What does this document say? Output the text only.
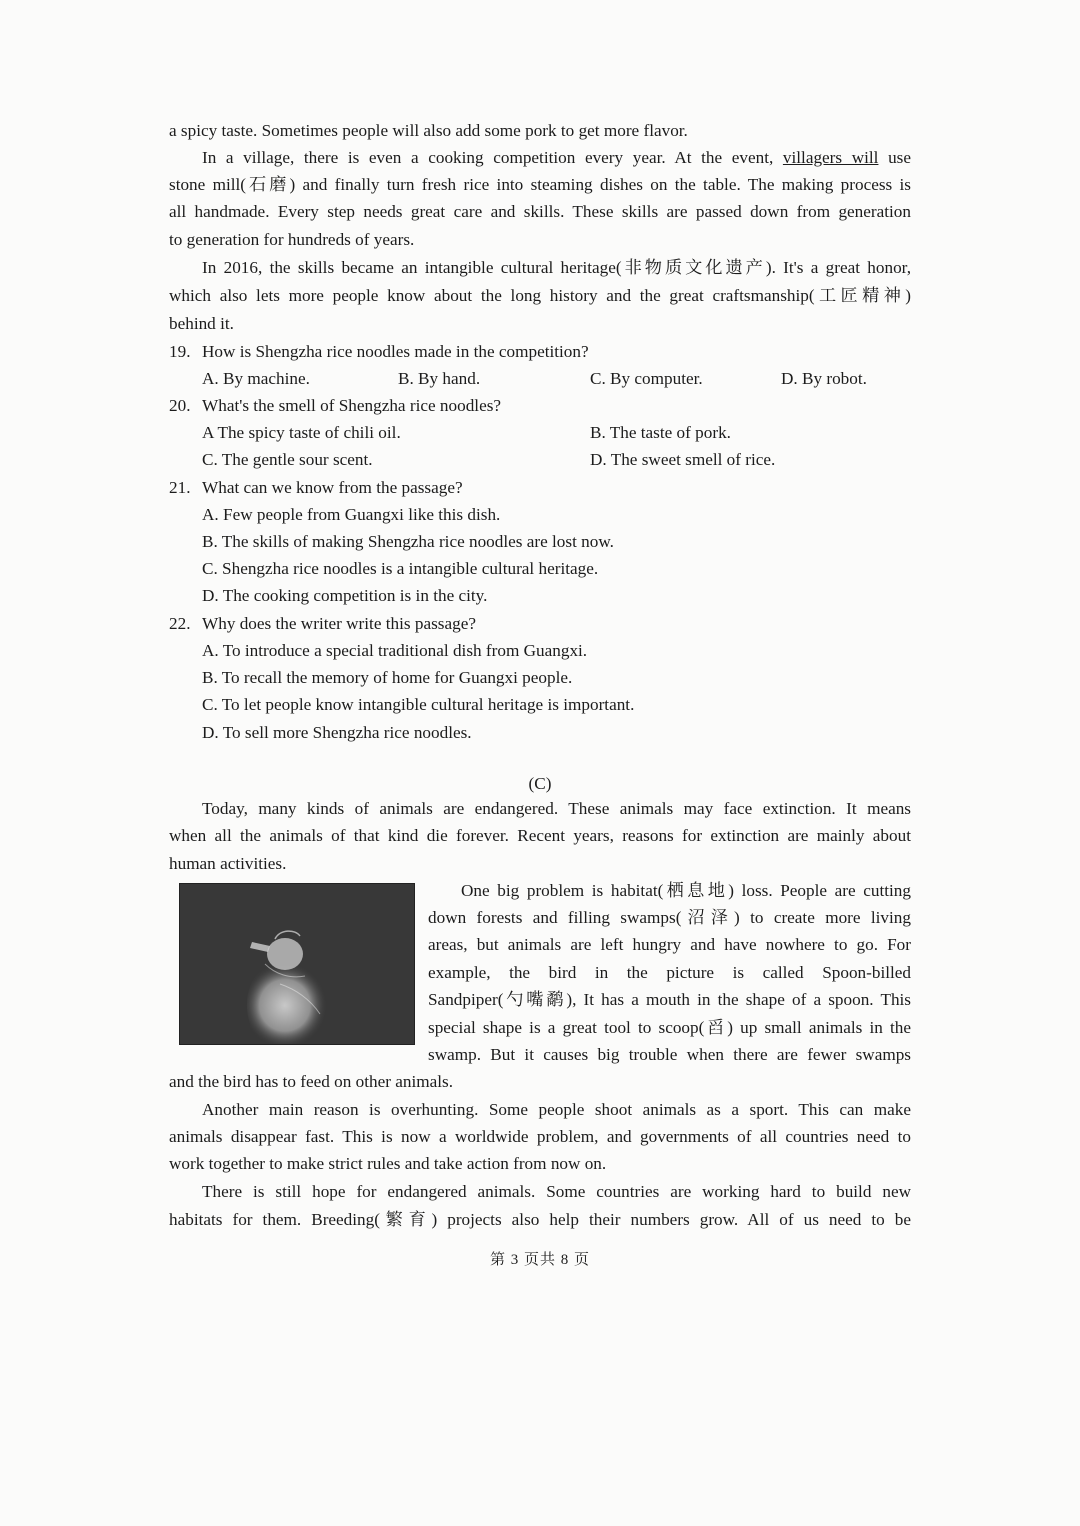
a spicy taste. Sometimes people will also add some pork to get more flavor.
In a village, there is even a cooking competition every year. At the event, villagers will use
stone mill(石磨) and finally turn fresh rice into steaming dishes on the table. The making process is
all handmade. Every step needs great care and skills. These skills are passed down from generation
to generation for hundreds of years.
In 2016, the skills became an intangible cultural heritage(非物质文化遗产). It's a great honor,
which also lets more people know about the long history and the great craftsmanship(工匠精神)
behind it.
19. How is Shengzha rice noodles made in the competition?
A. By machine.	B. By hand.	C. By computer.	D. By robot.
20. What's the smell of Shengzha rice noodles?
A The spicy taste of chili oil.	B. The taste of pork.
C. The gentle sour scent.	D. The sweet smell of rice.
21. What can we know from the passage?
A. Few people from Guangxi like this dish.
B. The skills of making Shengzha rice noodles are lost now.
C. Shengzha rice noodles is a intangible cultural heritage.
D. The cooking competition is in the city.
22. Why does the writer write this passage?
A. To introduce a special traditional dish from Guangxi.
B. To recall the memory of home for Guangxi people.
C. To let people know intangible cultural heritage is important.
D. To sell more Shengzha rice noodles.
(C)
Today, many kinds of animals are endangered. These animals may face extinction. It means
when all the animals of that kind die forever. Recent years, reasons for extinction are mainly about
human activities.
One big problem is habitat(栖息地) loss. People are cutting
down forests and filling swamps(沼泽) to create more living
areas, but animals are left hungry and have nowhere to go. For
example, the bird in the picture is called Spoon-billed
Sandpiper(勺嘴鹬), It has a mouth in the shape of a spoon. This
special shape is a great tool to scoop(舀) up small animals in the
swamp. But it causes big trouble when there are fewer swamps
and the bird has to feed on other animals.
Another main reason is overhunting. Some people shoot animals as a sport. This can make
animals disappear fast. This is now a worldwide problem, and governments of all countries need to
work together to make strict rules and take action from now on.
There is still hope for endangered animals. Some countries are working hard to build new
habitats for them. Breeding(繁育) projects also help their numbers grow. All of us need to be
第 3 页共 8 页
